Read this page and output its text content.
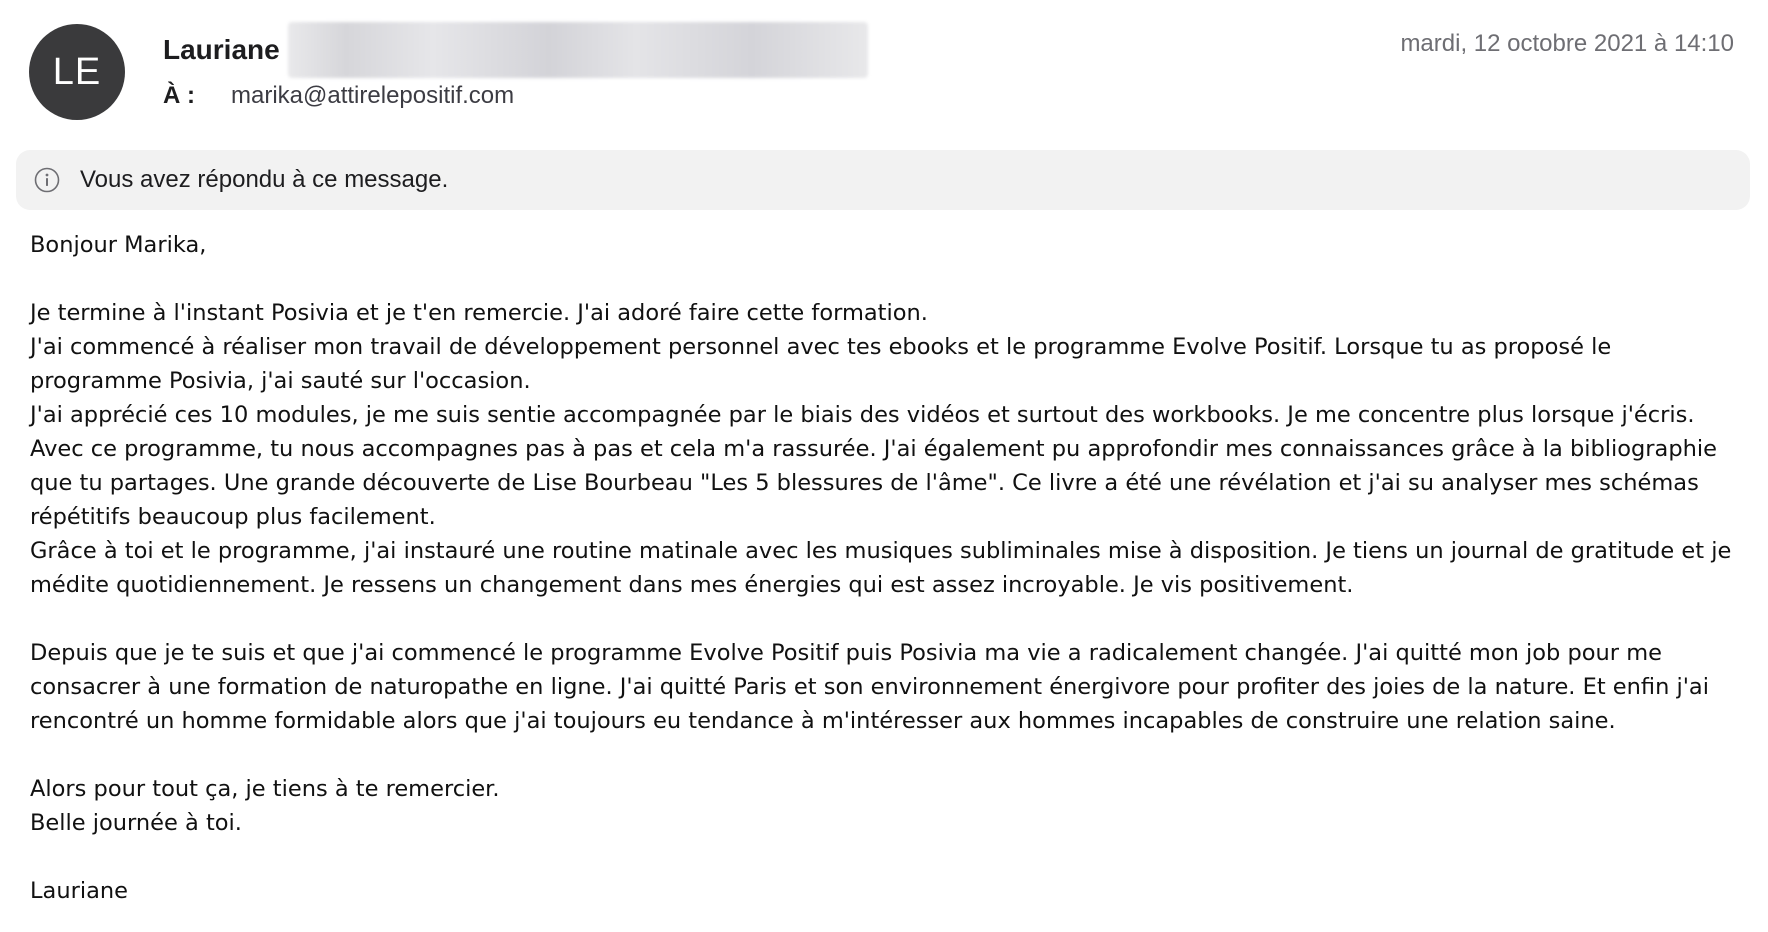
LE
Lauriane
À :	marika@attirelepositif.com
mardi, 12 octobre 2021 à 14:10
Vous avez répondu à ce message.

Bonjour Marika,

Je termine à l'instant Posivia et je t'en remercie. J'ai adoré faire cette formation.

J'ai commencé à réaliser mon travail de développement personnel avec tes ebooks et le programme Evolve Positif. Lorsque tu as proposé le

programme Posivia, j'ai sauté sur l'occasion.

J'ai apprécié ces 10 modules, je me suis sentie accompagnée par le biais des vidéos et surtout des workbooks. Je me concentre plus lorsque j'écris.

Avec ce programme, tu nous accompagnes pas à pas et cela m'a rassurée. J'ai également pu approfondir mes connaissances grâce à la bibliographie

que tu partages. Une grande découverte de Lise Bourbeau "Les 5 blessures de l'âme". Ce livre a été une révélation et j'ai su analyser mes schémas

répétitifs beaucoup plus facilement.

Grâce à toi et le programme, j'ai instauré une routine matinale avec les musiques subliminales mise à disposition. Je tiens un journal de gratitude et je

médite quotidiennement. Je ressens un changement dans mes énergies qui est assez incroyable. Je vis positivement.

Depuis que je te suis et que j'ai commencé le programme Evolve Positif puis Posivia ma vie a radicalement changée. J'ai quitté mon job pour me

consacrer à une formation de naturopathe en ligne. J'ai quitté Paris et son environnement énergivore pour profiter des joies de la nature. Et enfin j'ai

rencontré un homme formidable alors que j'ai toujours eu tendance à m'intéresser aux hommes incapables de construire une relation saine.

Alors pour tout ça, je tiens à te remercier.

Belle journée à toi.

Lauriane
